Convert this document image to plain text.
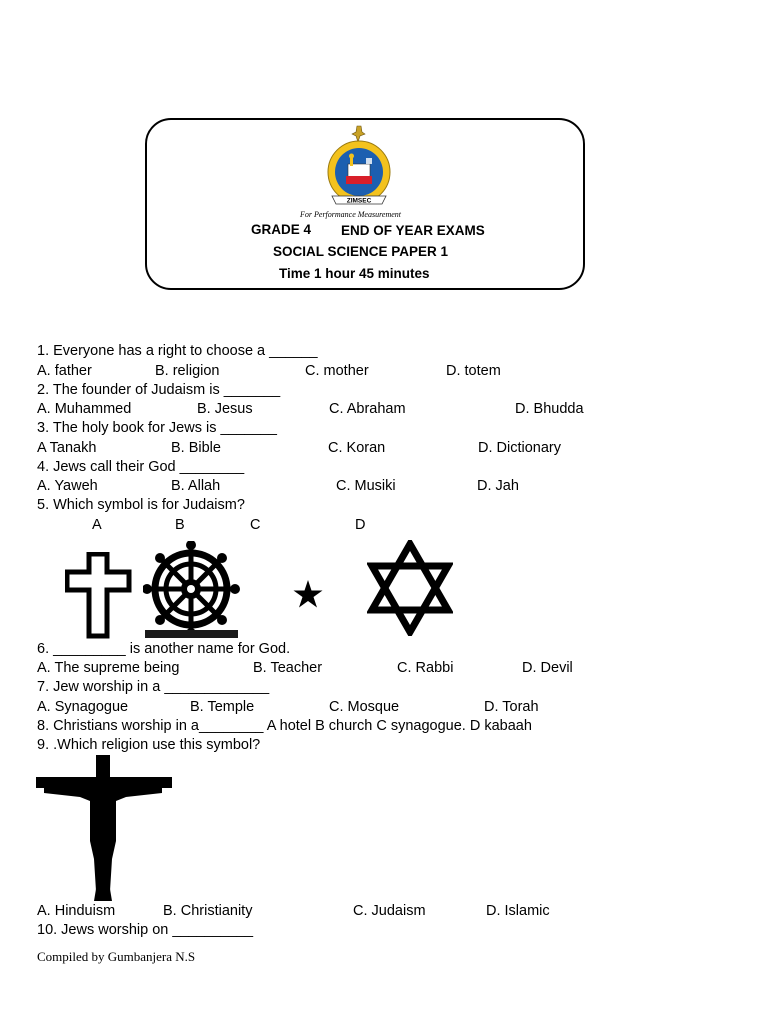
ZIMSEC
For Performance Measurement
GRADE 4 END OF YEAR EXAMS
SOCIAL SCIENCE PAPER 1
Time 1 hour 45 minutes
1. Everyone has a right to choose a ______
A. father	B. religion	C. mother	D. totem
2. The founder of Judaism is _______
A. Muhammed	B. Jesus	C. Abraham	D. Bhudda
3. The holy book for Jews is _______
A Tanakh	B. Bible	C. Koran	D. Dictionary
4. Jews call their God ________
A. Yaweh	B. Allah	C. Musiki	D. Jah
5. Which symbol is for Judaism?
A	B	C	D
6. _________ is another name for God.
A. The supreme being	B. Teacher	C. Rabbi	D. Devil
7. Jew worship in a _____________
A. Synagogue	B. Temple	C. Mosque	D. Torah
8. Christians worship in a________ A hotel B church C synagogue. D kabaah
9. .Which religion use this symbol?
A. Hinduism	B. Christianity	C. Judaism	D. Islamic
10. Jews worship on __________
Compiled by Gumbanjera N.S
